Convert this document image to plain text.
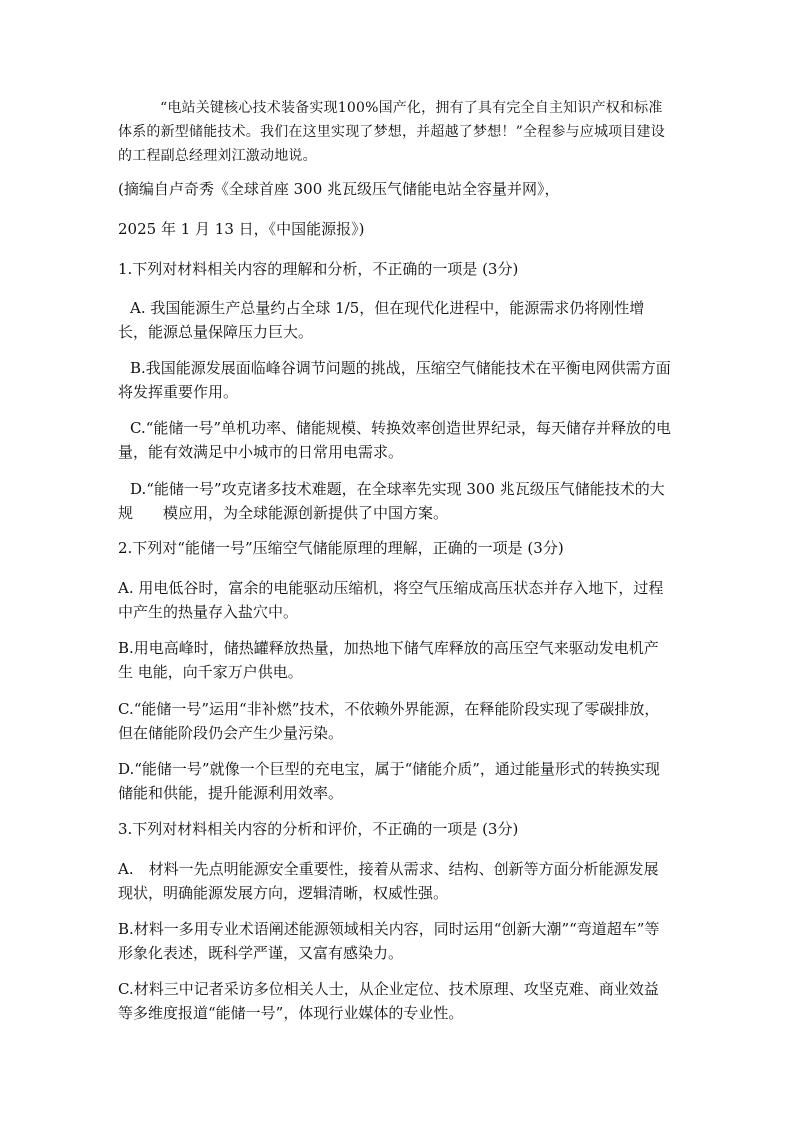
“电站关键核心技术装备实现100%国产化，拥有了具有完全自主知识产权和标准体系的新型储能技术。我们在这里实现了梦想，并超越了梦想！”全程参与应城项目建设的工程副总经理刘江激动地说。

(摘编自卢奇秀《全球首座 300 兆瓦级压气储能电站全容量并网》，

2025 年 1 月 13 日，《中国能源报》)

1.下列对材料相关内容的理解和分析，不正确的一项是 (3分)

A. 我国能源生产总量约占全球 1/5，但在现代化进程中，能源需求仍将刚性增长，能源总量保障压力巨大。

B.我国能源发展面临峰谷调节问题的挑战，压缩空气储能技术在平衡电网供需方面将发挥重要作用。

C.“能储一号”单机功率、储能规模、转换效率创造世界纪录，每天储存并释放的电量，能有效满足中小城市的日常用电需求。

D.“能储一号”攻克诸多技术难题，在全球率先实现 300 兆瓦级压气储能技术的大规　　模应用，为全球能源创新提供了中国方案。

2.下列对“能储一号”压缩空气储能原理的理解，正确的一项是 (3分)

A. 用电低谷时，富余的电能驱动压缩机，将空气压缩成高压状态并存入地下，过程中产生的热量存入盐穴中。

B.用电高峰时，储热罐释放热量，加热地下储气库释放的高压空气来驱动发电机产生 电能，向千家万户供电。

C.“能储一号”运用“非补燃”技术，不依赖外界能源，在释能阶段实现了零碳排放，但在储能阶段仍会产生少量污染。

D.“能储一号”就像一个巨型的充电宝，属于“储能介质”，通过能量形式的转换实现储能和供能，提升能源利用效率。

3.下列对材料相关内容的分析和评价，不正确的一项是 (3分)

A.　材料一先点明能源安全重要性，接着从需求、结构、创新等方面分析能源发展现状，明确能源发展方向，逻辑清晰，权威性强。

B.材料一多用专业术语阐述能源领域相关内容，同时运用“创新大潮”“弯道超车”等形象化表述，既科学严谨，又富有感染力。

C.材料三中记者采访多位相关人士，从企业定位、技术原理、攻坚克难、商业效益等多维度报道“能储一号”，体现行业媒体的专业性。
